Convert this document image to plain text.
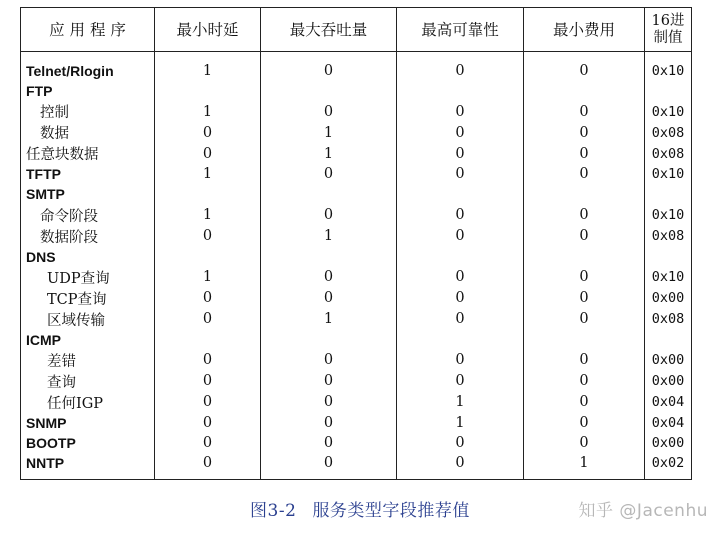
应 用 程 序	最小时延	最大吞吐量	最高可靠性	最小费用	16进
制值
Telnet/Rlogin	1	0	0	0	0x10
FTP					
控制	1	0	0	0	0x10
数据	0	1	0	0	0x08
任意块数据	0	1	0	0	0x08
TFTP	1	0	0	0	0x10
SMTP					
命令阶段	1	0	0	0	0x10
数据阶段	0	1	0	0	0x08
DNS					
UDP查询	1	0	0	0	0x10
TCP查询	0	0	0	0	0x00
区域传输	0	1	0	0	0x08
ICMP					
差错	0	0	0	0	0x00
查询	0	0	0	0	0x00
任何IGP	0	0	1	0	0x04
SNMP	0	0	1	0	0x04
BOOTP	0	0	0	0	0x00
NNTP	0	0	0	1	0x02
图3-2 服务类型字段推荐值	知乎 @Jacenhu
